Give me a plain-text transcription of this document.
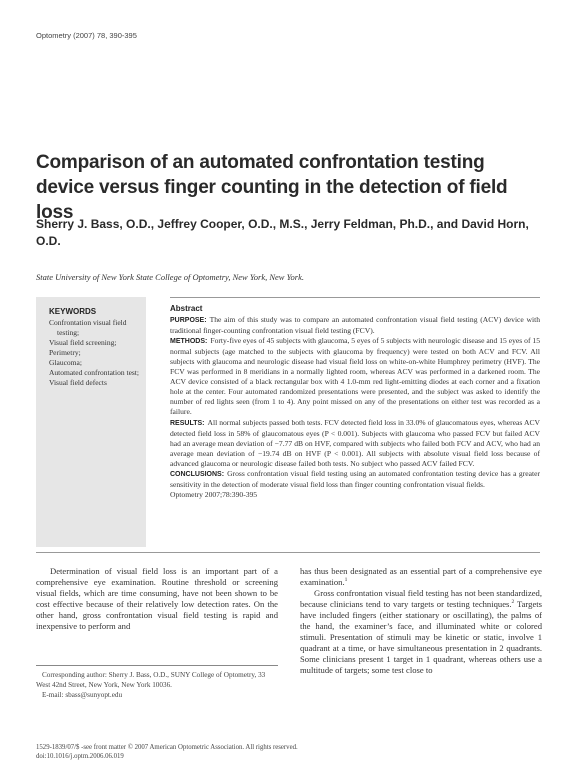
Optometry (2007) 78, 390-395
Comparison of an automated confrontation testing device versus finger counting in the detection of field loss
Sherry J. Bass, O.D., Jeffrey Cooper, O.D., M.S., Jerry Feldman, Ph.D., and David Horn, O.D.
State University of New York State College of Optometry, New York, New York.
KEYWORDS
Confrontation visual field testing;
Visual field screening;
Perimetry;
Glaucoma;
Automated confrontation test;
Visual field defects
Abstract

PURPOSE: The aim of this study was to compare an automated confrontation visual field testing (ACV) device with traditional finger-counting confrontation visual field testing (FCV).

METHODS: Forty-five eyes of 45 subjects with glaucoma, 5 eyes of 5 subjects with neurologic disease and 15 eyes of 15 normal subjects (age matched to the subjects with glaucoma by frequency) were tested on both ACV and FCV. All subjects with glaucoma and neurologic disease had visual field loss on white-on-white Humphrey perimetry (HVF). The FCV was performed in 8 meridians in a normally lighted room, whereas ACV was performed in a darkened room. The ACV device consisted of a black rectangular box with 4 1.0-mm red light-emitting diodes at each corner and a fixation hole at the center. Four automated randomized presentations were presented, and the subject was asked to identify the number of red lights seen (from 1 to 4). Any point missed on any of the presentations on either test was recorded as a failure.

RESULTS: All normal subjects passed both tests. FCV detected field loss in 33.0% of glaucomatous eyes, whereas ACV detected field loss in 58% of glaucomatous eyes (P < 0.001). Subjects with glaucoma who passed FCV but failed ACV had an average mean deviation of −7.77 dB on HVF, compared with subjects who failed both FCV and ACV, who had an average mean deviation of −19.74 dB on HVF (P < 0.001). All subjects with absolute visual field loss because of advanced glaucoma or neurologic disease failed both tests. No subject who passed ACV failed FCV.

CONCLUSIONS: Gross confrontation visual field testing using an automated confrontation testing device has a greater sensitivity in the detection of moderate visual field loss than finger counting confrontation visual fields.

Optometry 2007;78:390-395

Determination of visual field loss is an important part of a comprehensive eye examination. Routine threshold or screening visual fields, which are time consuming, have not been shown to be cost effective because of their relatively low detection rates. On the other hand, gross confrontation visual field testing is rapid and inexpensive to perform and

has thus been designated as an essential part of a comprehensive eye examination.$^1$

Gross confrontation visual field testing has not been standardized, because clinicians tend to vary targets or testing techniques.$^2$ Targets have included fingers (either stationary or oscillating), the palms of the hand, the examiner’s face, and illuminated white or colored stimuli. Presentation of stimuli may be kinetic or static, involve 1 quadrant at a time, or have simultaneous presentation in 2 quadrants. Some clinicians present 1 target in 1 quadrant, whereas others use a multitude of targets; some test close to

Corresponding author: Sherry J. Bass, O.D., SUNY College of Optometry, 33 West 42nd Street, New York, New York 10036.

E-mail: sbass@sunyopt.edu

1529-1839/07/$ -see front matter © 2007 American Optometric Association. All rights reserved.
doi:10.1016/j.optm.2006.06.019
